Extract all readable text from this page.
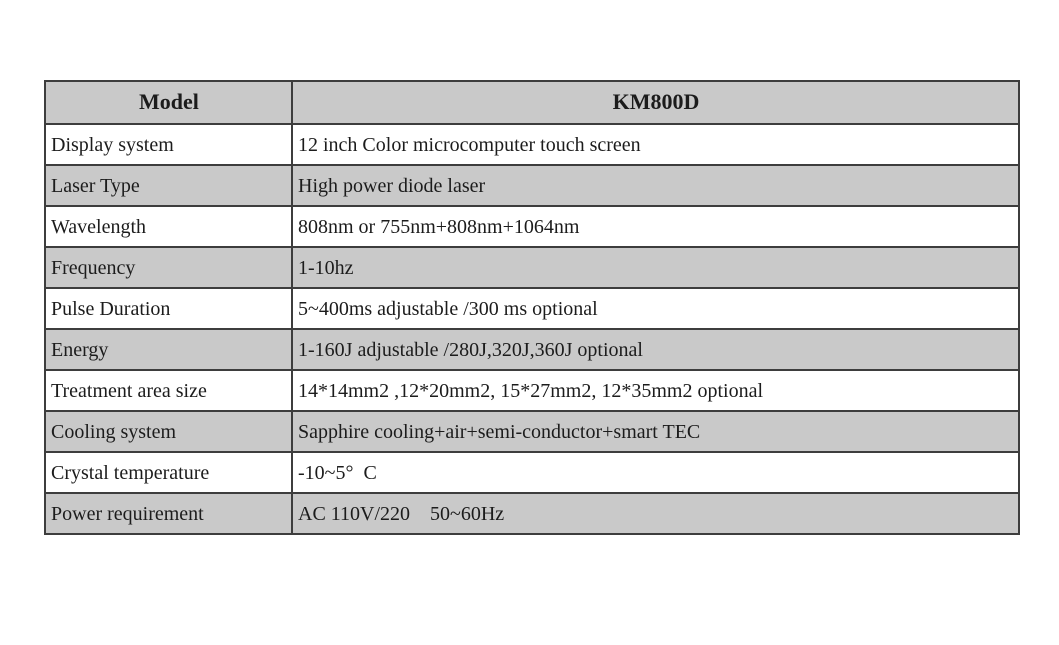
Model	KM800D
Display system	12 inch Color microcomputer touch screen
Laser Type	High power diode laser
Wavelength	808nm or 755nm+808nm+1064nm
Frequency	1-10hz
Pulse Duration	5~400ms adjustable /300 ms optional
Energy	1-160J adjustable /280J,320J,360J optional
Treatment area size	14*14mm2 ,12*20mm2, 15*27mm2, 12*35mm2 optional
Cooling system	Sapphire cooling+air+semi-conductor+smart TEC
Crystal temperature	-10~5°  C
Power requirement	AC 110V/220    50~60Hz
